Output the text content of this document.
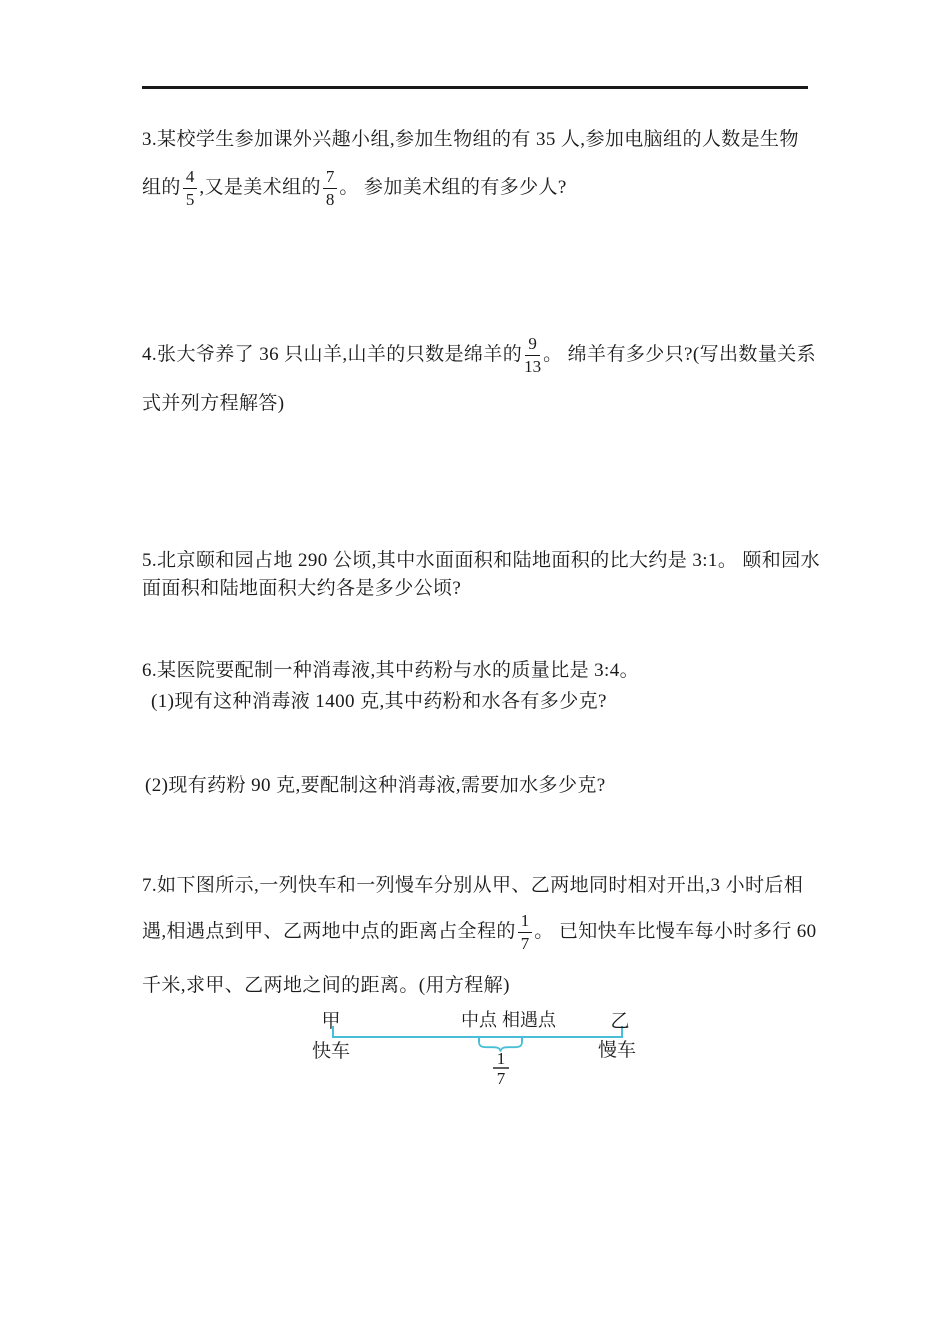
3.某校学生参加课外兴趣小组,参加生物组的有 35 人,参加电脑组的人数是生物
组的 $\frac{4}{5}$ ,又是美术组的 $\frac{7}{8}$ 。 参加美术组的有多少人?
4.张大爷养了 36 只山羊,山羊的只数是绵羊的 $\frac{9}{13}$ 。 绵羊有多少只?(写出数量关系
式并列方程解答)
5.北京颐和园占地 290 公顷,其中水面面积和陆地面积的比大约是 3:1。 颐和园水
面面积和陆地面积大约各是多少公顷?
6.某医院要配制一种消毒液,其中药粉与水的质量比是 3:4。
(1)现有这种消毒液 1400 克,其中药粉和水各有多少克?
(2)现有药粉 90 克,要配制这种消毒液,需要加水多少克?
7.如下图所示,一列快车和一列慢车分别从甲、乙两地同时相对开出,3 小时后相
遇,相遇点到甲、乙两地中点的距离占全程的 $\frac{1}{7}$ 。 已知快车比慢车每小时多行 60
千米,求甲、乙两地之间的距离。(用方程解)
甲	中点 相遇点	乙
快车	慢车
1
7
